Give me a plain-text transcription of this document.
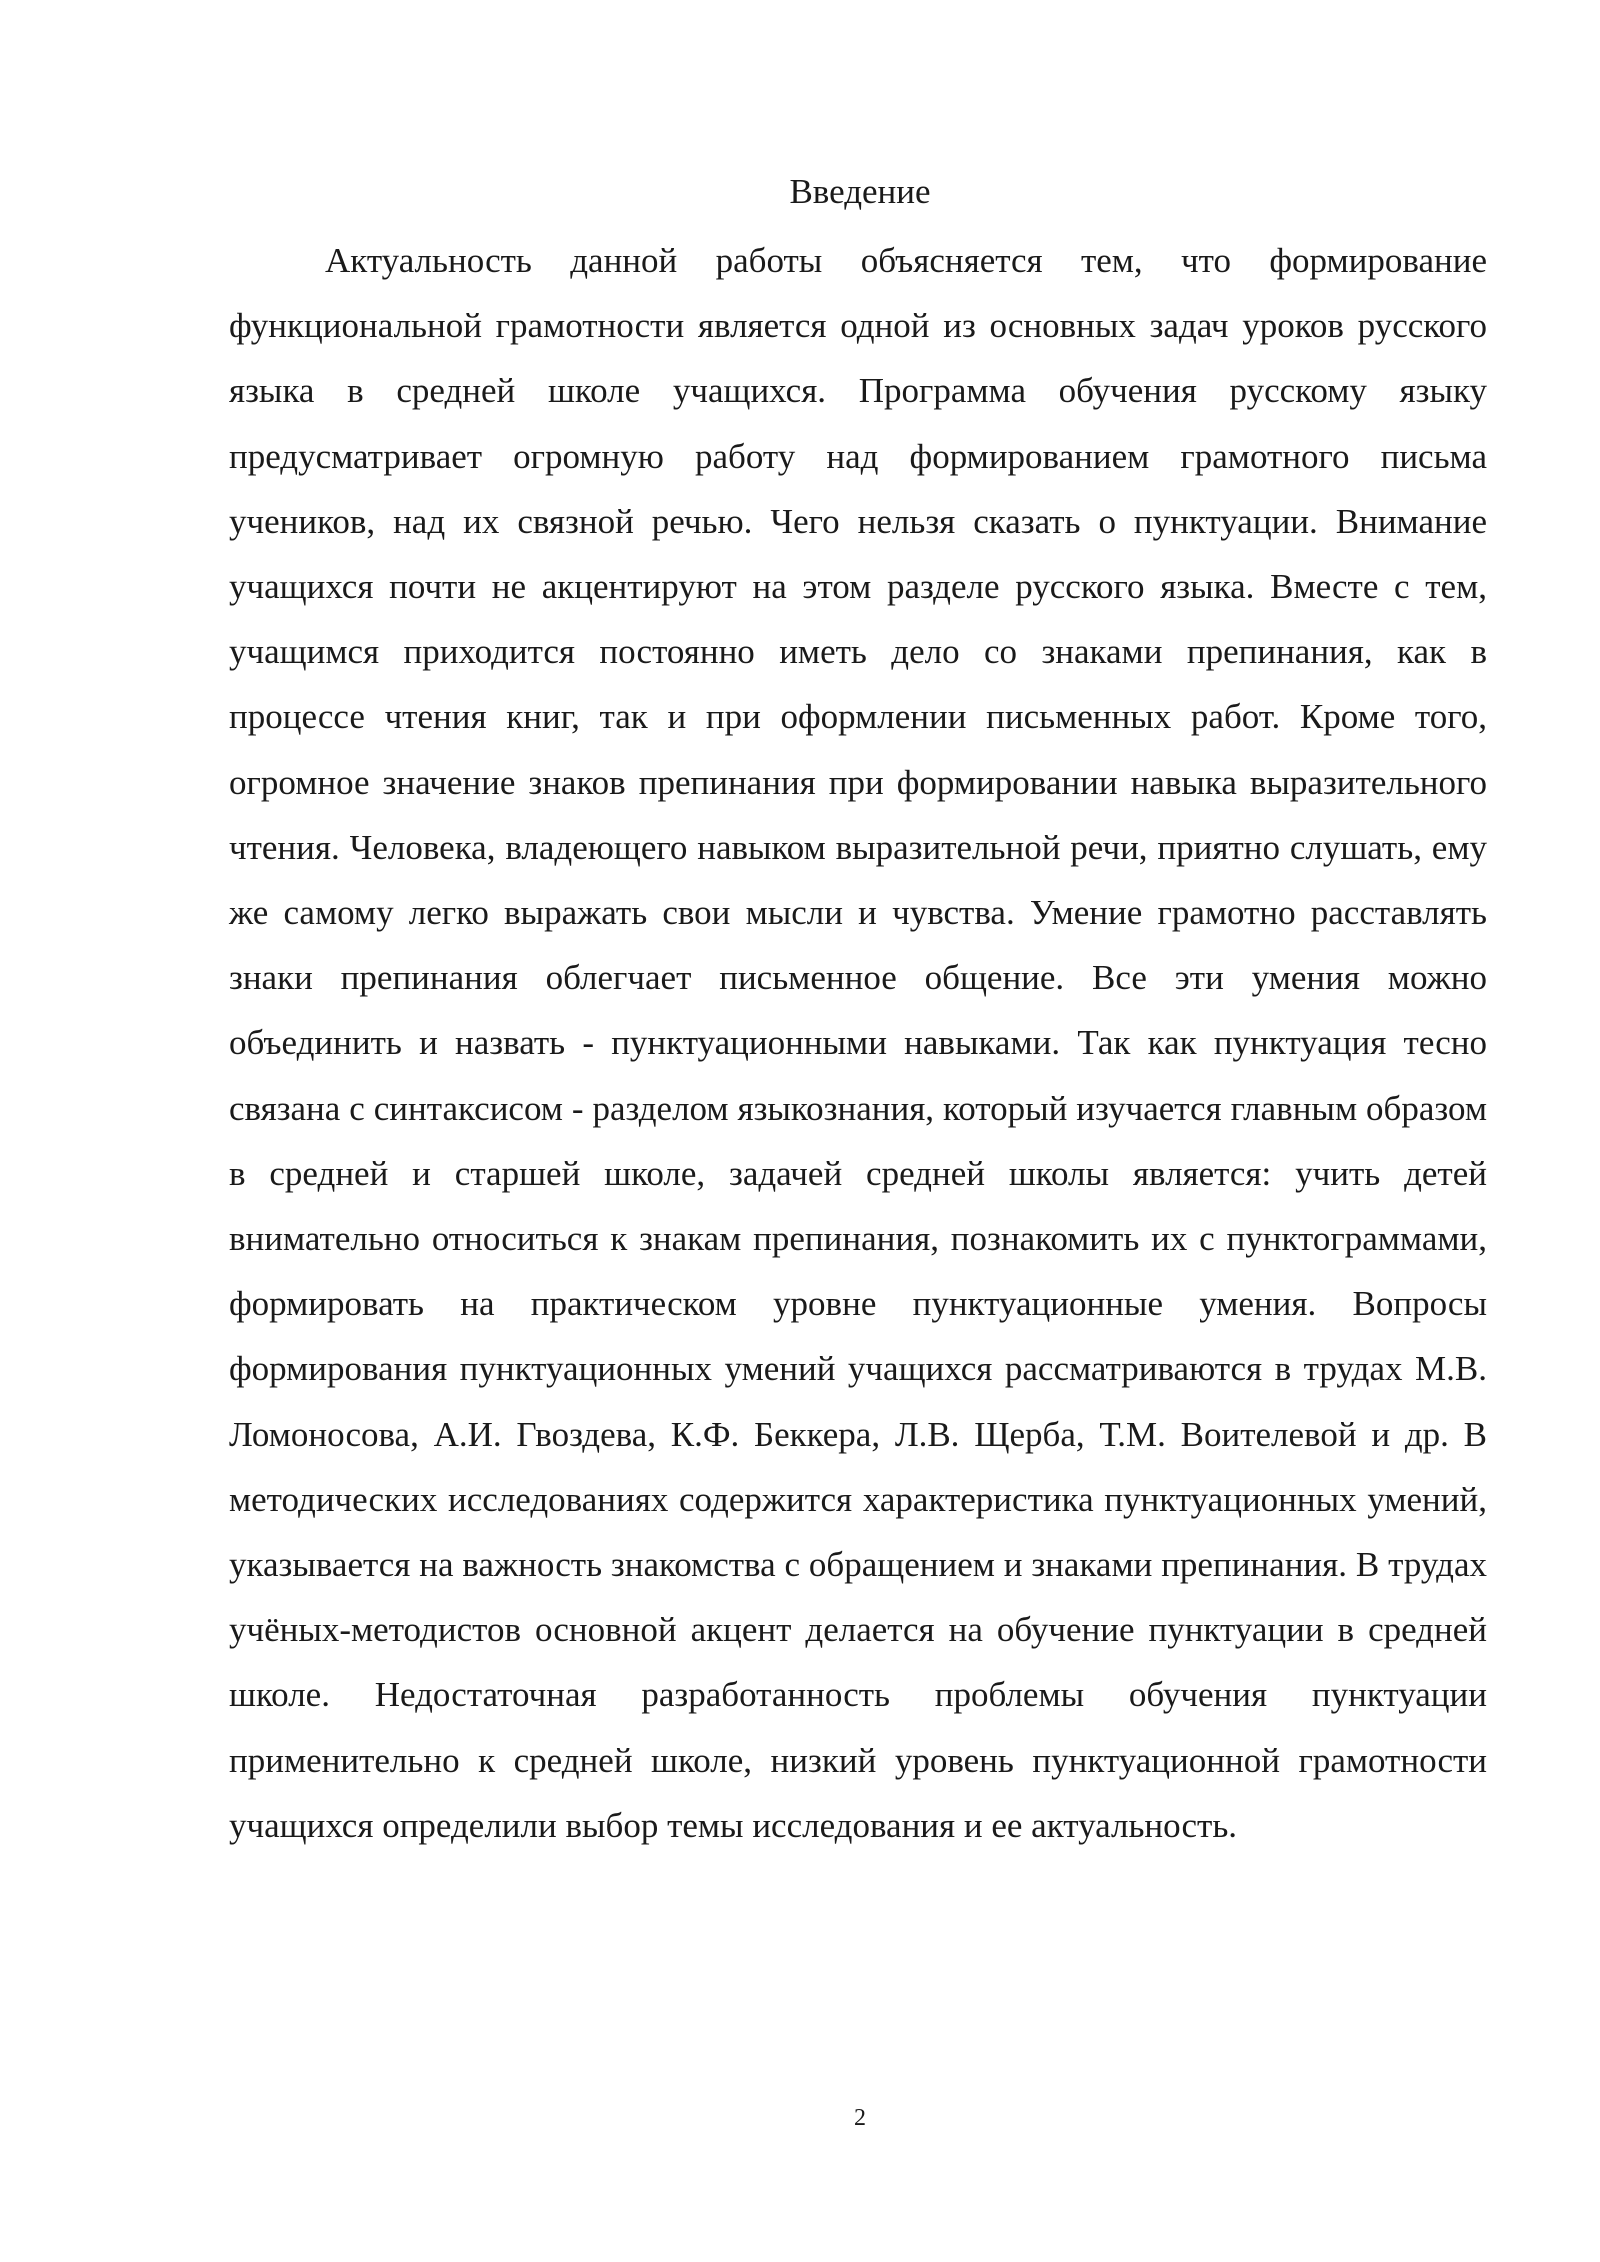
Введение

Актуальность данной работы объясняется тем, что формирование функциональной грамотности является одной из основных задач уроков русского языка в средней школе учащихся. Программа обучения русскому языку предусматривает огромную работу над формированием грамотного письма учеников, над их связной речью. Чего нельзя сказать о пунктуации. Внимание учащихся почти не акцентируют на этом разделе русского языка. Вместе с тем, учащимся приходится постоянно иметь дело со знаками препинания, как в процессе чтения книг, так и при оформлении письменных работ. Кроме того, огромное значение знаков препинания при формировании навыка выразительного чтения. Человека, владеющего навыком выразительной речи, приятно слушать, ему же самому легко выражать свои мысли и чувства. Умение грамотно расставлять знаки препинания облегчает письменное общение. Все эти умения можно объединить и назвать - пунктуационными навыками. Так как пунктуация тесно связана с синтаксисом - разделом языкознания, который изучается главным образом в средней и старшей школе, задачей средней школы является: учить детей внимательно относиться к знакам препинания, познакомить их с пунктограммами, формировать на практическом уровне пунктуационные умения. Вопросы формирования пунктуационных умений учащихся рассматриваются в трудах М.В. Ломоносова, А.И. Гвоздева, К.Ф. Беккера, Л.В. Щерба, Т.М. Воителевой и др. В методических исследованиях содержится характеристика пунктуационных умений, указывается на важность знакомства с обращением и знаками препинания. В трудах учёных-методистов основной акцент делается на обучение пунктуации в средней школе. Недостаточная разработанность проблемы обучения пунктуации применительно к средней школе, низкий уровень пунктуационной грамотности учащихся определили выбор темы исследования и ее актуальность.

2
